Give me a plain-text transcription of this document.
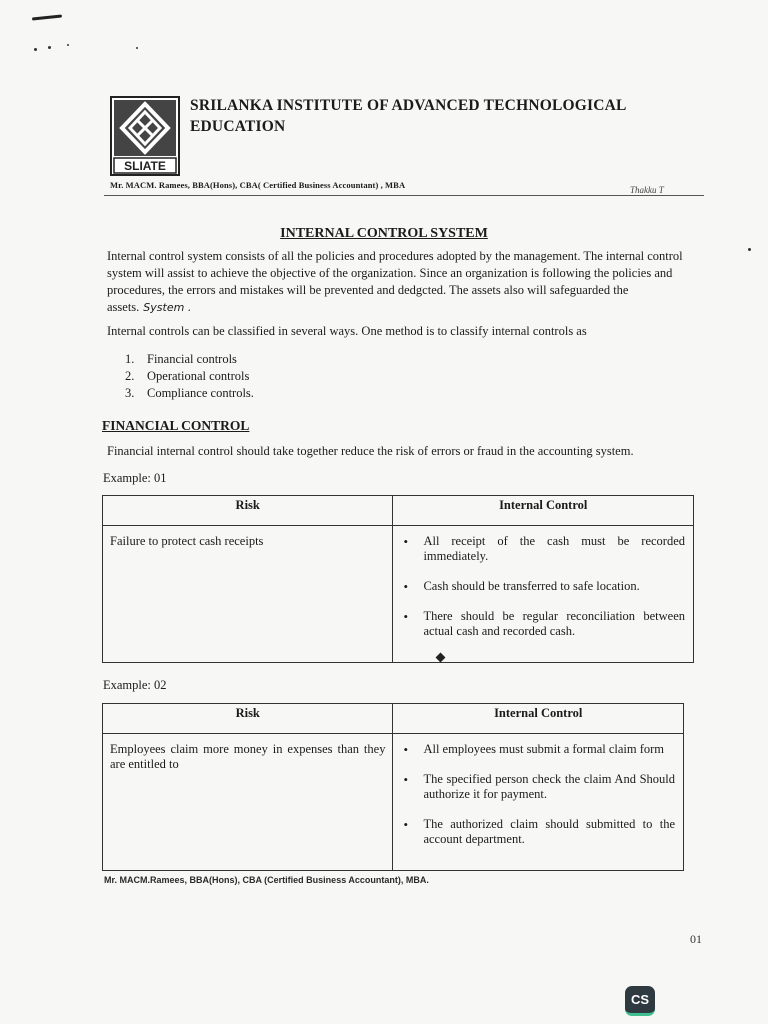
SLIATE
SRILANKA INSTITUTE OF ADVANCED TECHNOLOGICAL
EDUCATION
Mr. MACM. Ramees, BBA(Hons), CBA( Certified Business Accountant) , MBA	Thakku T
INTERNAL CONTROL SYSTEM
Internal control system consists of all the policies and procedures adopted by the management. The internal control system will assist to achieve the objective of the organization. Since an organization is following the policies and procedures, the errors and mistakes will be prevented and dedgcted. The assets also will safeguarded the assets. System .
Internal controls can be classified in several ways. One method is to classify internal controls as
1.	Financial controls
2.	Operational controls
3.	Compliance controls.
FINANCIAL CONTROL
Financial internal control should take together reduce the risk of errors or fraud in the accounting system.
Example: 01
Risk	Internal Control
Failure to protect cash receipts	• All receipt of the cash must be recorded immediately.
• Cash should be transferred to safe location.
• There should be regular reconciliation between actual cash and recorded cash.
Example: 02
Risk	Internal Control
Employees claim more money in expenses than they are entitled to	• All employees must submit a formal claim form
• The specified person check the claim And Should authorize it for payment.
• The authorized claim should submitted to the account department.
Mr. MACM.Ramees, BBA(Hons), CBA (Certified Business Accountant), MBA.
01
CS
